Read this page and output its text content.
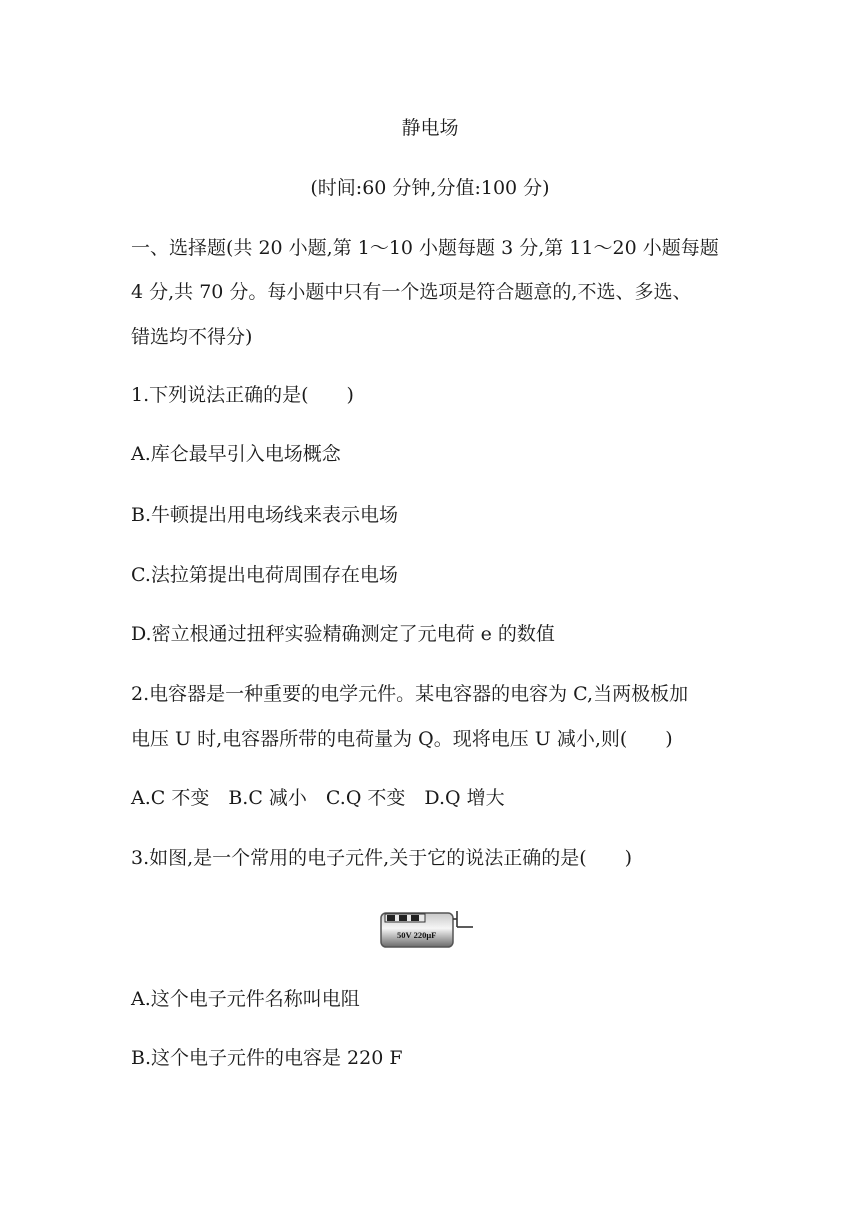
静电场
(时间:60 分钟,分值:100 分)
一、选择题(共 20 小题,第 1～10 小题每题 3 分,第 11～20 小题每题
4 分,共 70 分。每小题中只有一个选项是符合题意的,不选、多选、
错选均不得分)
1.下列说法正确的是(　　)
A.库仑最早引入电场概念
B.牛顿提出用电场线来表示电场
C.法拉第提出电荷周围存在电场
D.密立根通过扭秤实验精确测定了元电荷 e 的数值
2.电容器是一种重要的电学元件。某电容器的电容为 C,当两极板加
电压 U 时,电容器所带的电荷量为 Q。现将电压 U 减小,则(　　)
A.C 不变　B.C 减小　C.Q 不变　D.Q 增大
3.如图,是一个常用的电子元件,关于它的说法正确的是(　　)
50V 220μF
A.这个电子元件名称叫电阻
B.这个电子元件的电容是 220 F
